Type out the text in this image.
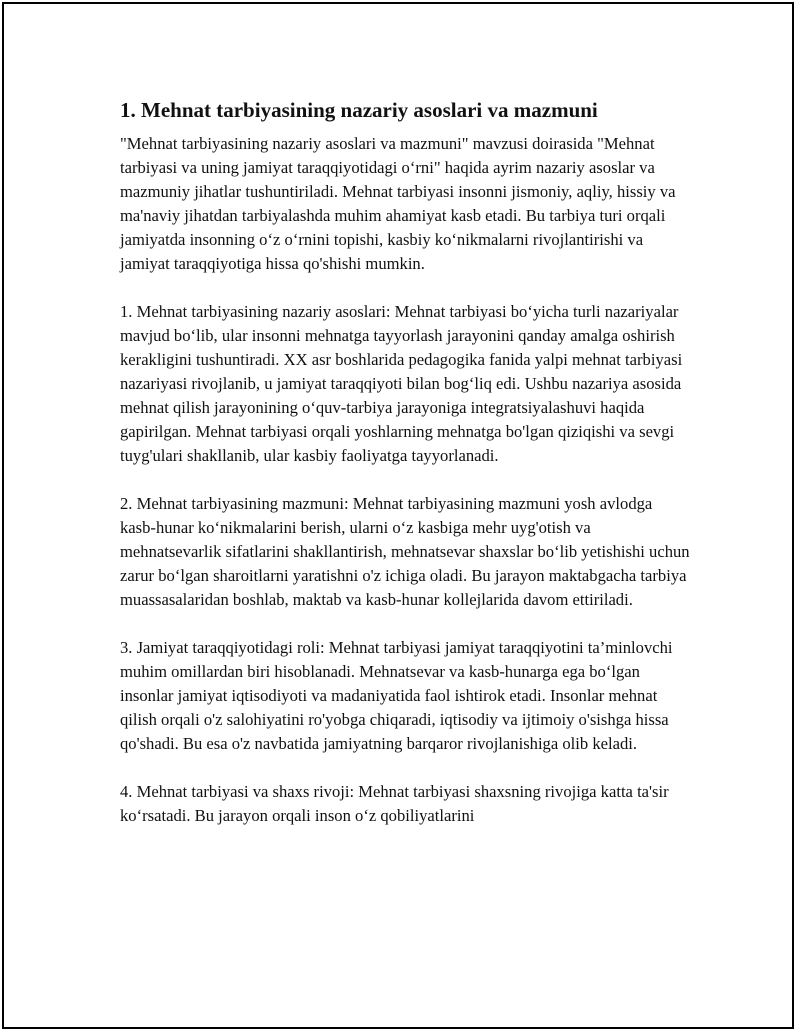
1. Mehnat tarbiyasining nazariy asoslari va mazmuni

"Mehnat tarbiyasining nazariy asoslari va mazmuni" mavzusi doirasida "Mehnat tarbiyasi va uning jamiyat taraqqiyotidagi o‘rni" haqida ayrim nazariy asoslar va mazmuniy jihatlar tushuntiriladi. Mehnat tarbiyasi insonni jismoniy, aqliy, hissiy va ma'naviy jihatdan tarbiyalashda muhim ahamiyat kasb etadi. Bu tarbiya turi orqali jamiyatda insonning o‘z o‘rnini topishi, kasbiy ko‘nikmalarni rivojlantirishi va jamiyat taraqqiyotiga hissa qo'shishi mumkin.

1. Mehnat tarbiyasining nazariy asoslari: Mehnat tarbiyasi bo‘yicha turli nazariyalar mavjud bo‘lib, ular insonni mehnatga tayyorlash jarayonini qanday amalga oshirish kerakligini tushuntiradi. XX asr boshlarida pedagogika fanida yalpi mehnat tarbiyasi nazariyasi rivojlanib, u jamiyat taraqqiyoti bilan bog‘liq edi. Ushbu nazariya asosida mehnat qilish jarayonining o‘quv-tarbiya jarayoniga integratsiyalashuvi haqida gapirilgan. Mehnat tarbiyasi orqali yoshlarning mehnatga bo'lgan qiziqishi va sevgi tuyg'ulari shakllanib, ular kasbiy faoliyatga tayyorlanadi.

2. Mehnat tarbiyasining mazmuni: Mehnat tarbiyasining mazmuni yosh avlodga kasb-hunar ko‘nikmalarini berish, ularni o‘z kasbiga mehr uyg'otish va mehnatsevarlik sifatlarini shakllantirish, mehnatsevar shaxslar bo‘lib yetishishi uchun zarur bo‘lgan sharoitlarni yaratishni o'z ichiga oladi. Bu jarayon maktabgacha tarbiya muassasalaridan boshlab, maktab va kasb-hunar kollejlarida davom ettiriladi.

3. Jamiyat taraqqiyotidagi roli: Mehnat tarbiyasi jamiyat taraqqiyotini ta’minlovchi muhim omillardan biri hisoblanadi. Mehnatsevar va kasb-hunarga ega bo‘lgan insonlar jamiyat iqtisodiyoti va madaniyatida faol ishtirok etadi. Insonlar mehnat qilish orqali o'z salohiyatini ro'yobga chiqaradi, iqtisodiy va ijtimoiy o'sishga hissa qo'shadi. Bu esa o'z navbatida jamiyatning barqaror rivojlanishiga olib keladi.

4. Mehnat tarbiyasi va shaxs rivoji: Mehnat tarbiyasi shaxsning rivojiga katta ta'sir ko‘rsatadi. Bu jarayon orqali inson o‘z qobiliyatlarini
